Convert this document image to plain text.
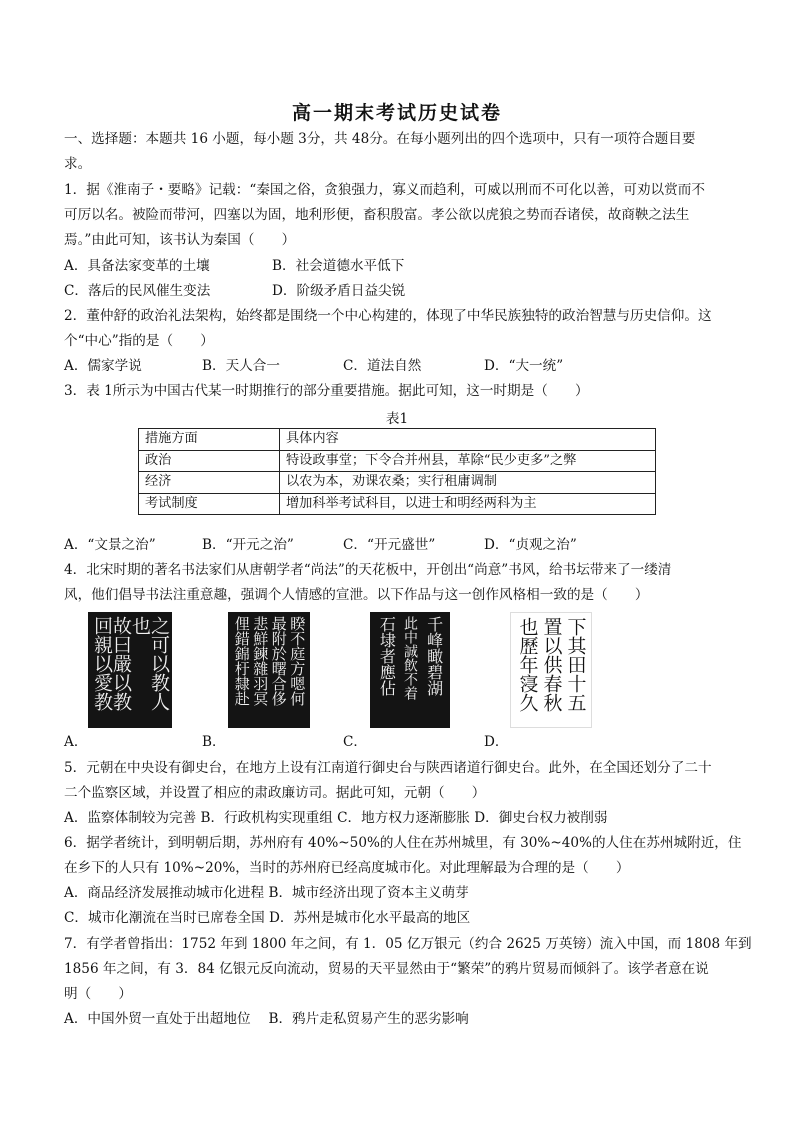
高一期末考试历史试卷
一、选择题：本题共 16 小题，每小题 3分，共 48分。在每小题列出的四个选项中，只有一项符合题目要
求。
1．据《淮南子・要略》记载：“秦国之俗，贪狼强力，寡义而趋利，可威以刑而不可化以善，可劝以赏而不
可厉以名。被险而带河，四塞以为固，地利形便，畜积殷富。孝公欲以虎狼之势而吞诸侯，故商鞅之法生
焉。”由此可知，该书认为秦国（　　）
A．具备法家变革的土壤	B．社会道德水平低下
C．落后的民风催生变法	D．阶级矛盾日益尖锐
2．董仲舒的政治礼法架构，始终都是围绕一个中心构建的，体现了中华民族独特的政治智慧与历史信仰。这
个“中心”指的是（　　）
A．儒家学说	B．天人合一	C．道法自然	D．“大一统”
3．表 1所示为中国古代某一时期推行的部分重要措施。据此可知，这一时期是（　　）
表1
措施方面	具体内容
政治	特设政事堂；下令合并州县，革除“民少吏多”之弊
经济	以农为本，劝课农桑；实行租庸调制
考试制度	增加科举考试科目，以进士和明经两科为主
A．“文景之治”	B．“开元之治”	C．“开元盛世”	D．“贞观之治”
4．北宋时期的著名书法家们从唐朝学者“尚法”的天花板中，开创出“尚意”书风，给书坛带来了一缕清
风，他们倡导书法注重意趣，强调个人情感的宣泄。以下作品与这一创作风格相一致的是（　　）
之可以教人也
故曰嚴以教
回親以愛教
A．
睽不庭方嗯何
最附於曙合侈
悲鮮鍊雜羽冥
俚錯錦杅隸赴
B．
千峰瞰碧湖
此中誠飲不着
石埭者應佔
C．
下其田十五
置以供春秋
也歷年寖久
D．
5．元朝在中央设有御史台，在地方上设有江南道行御史台与陕西诸道行御史台。此外，在全国还划分了二十
二个监察区域，并设置了相应的肃政廉访司。据此可知，元朝（　　）
A．监察体制较为完善 B．行政机构实现重组 C．地方权力逐渐膨胀 D．御史台权力被削弱
6．据学者统计，到明朝后期，苏州府有 40%~50%的人住在苏州城里，有 30%~40%的人住在苏州城附近，住
在乡下的人只有 10%~20%，当时的苏州府已经高度城市化。对此理解最为合理的是（　　）
A．商品经济发展推动城市化进程 B．城市经济出现了资本主义萌芽
C．城市化潮流在当时已席卷全国 D．苏州是城市化水平最高的地区
7．有学者曾指出：1752 年到 1800 年之间，有 1．05 亿万银元（约合 2625 万英镑）流入中国，而 1808 年到
1856 年之间，有 3．84 亿银元反向流动，贸易的天平显然由于“繁荣”的鸦片贸易而倾斜了。该学者意在说
明（　　）
A．中国外贸一直处于出超地位　 B．鸦片走私贸易产生的恶劣影响
